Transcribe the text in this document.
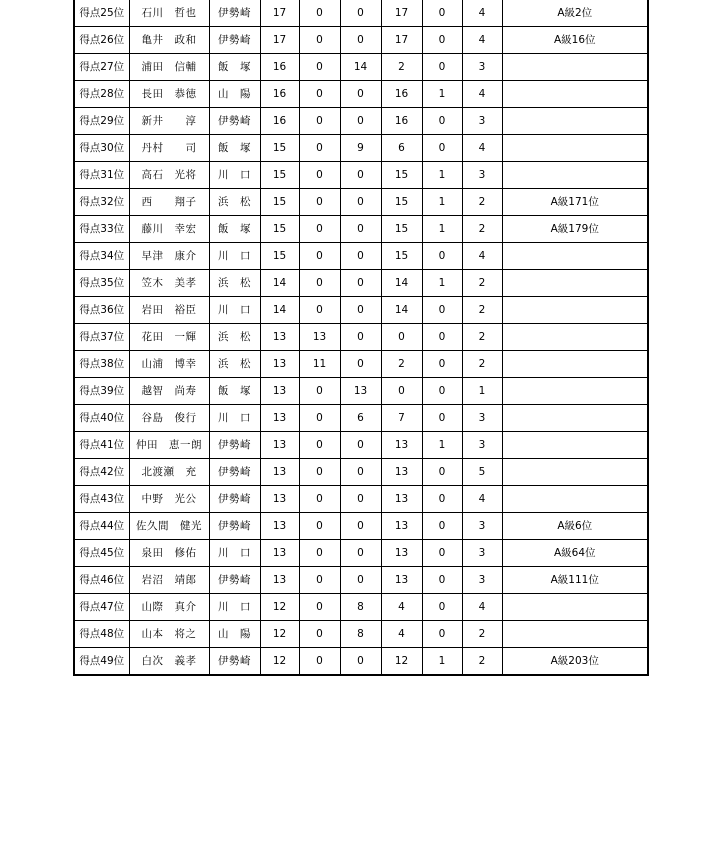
得点25位	石川　哲也	伊勢崎	17	0	0	17	0	4	A級2位
得点26位	亀井　政和	伊勢崎	17	0	0	17	0	4	A級16位
得点27位	浦田　信輔	飯　塚	16	0	14	2	0	3	
得点28位	長田　恭徳	山　陽	16	0	0	16	1	4	
得点29位	新井　　淳	伊勢崎	16	0	0	16	0	3	
得点30位	丹村　　司	飯　塚	15	0	9	6	0	4	
得点31位	高石　光将	川　口	15	0	0	15	1	3	
得点32位	西　　翔子	浜　松	15	0	0	15	1	2	A級171位
得点33位	藤川　幸宏	飯　塚	15	0	0	15	1	2	A級179位
得点34位	早津　康介	川　口	15	0	0	15	0	4	
得点35位	笠木　美孝	浜　松	14	0	0	14	1	2	
得点36位	岩田　裕臣	川　口	14	0	0	14	0	2	
得点37位	花田　一輝	浜　松	13	13	0	0	0	2	
得点38位	山浦　博幸	浜　松	13	11	0	2	0	2	
得点39位	越智　尚寿	飯　塚	13	0	13	0	0	1	
得点40位	谷島　俊行	川　口	13	0	6	7	0	3	
得点41位	仲田　恵一朗	伊勢崎	13	0	0	13	1	3	
得点42位	北渡瀬　充	伊勢崎	13	0	0	13	0	5	
得点43位	中野　光公	伊勢崎	13	0	0	13	0	4	
得点44位	佐久間　健光	伊勢崎	13	0	0	13	0	3	A級6位
得点45位	泉田　修佑	川　口	13	0	0	13	0	3	A級64位
得点46位	岩沼　靖郎	伊勢崎	13	0	0	13	0	3	A級111位
得点47位	山際　真介	川　口	12	0	8	4	0	4	
得点48位	山本　将之	山　陽	12	0	8	4	0	2	
得点49位	白次　義孝	伊勢崎	12	0	0	12	1	2	A級203位
